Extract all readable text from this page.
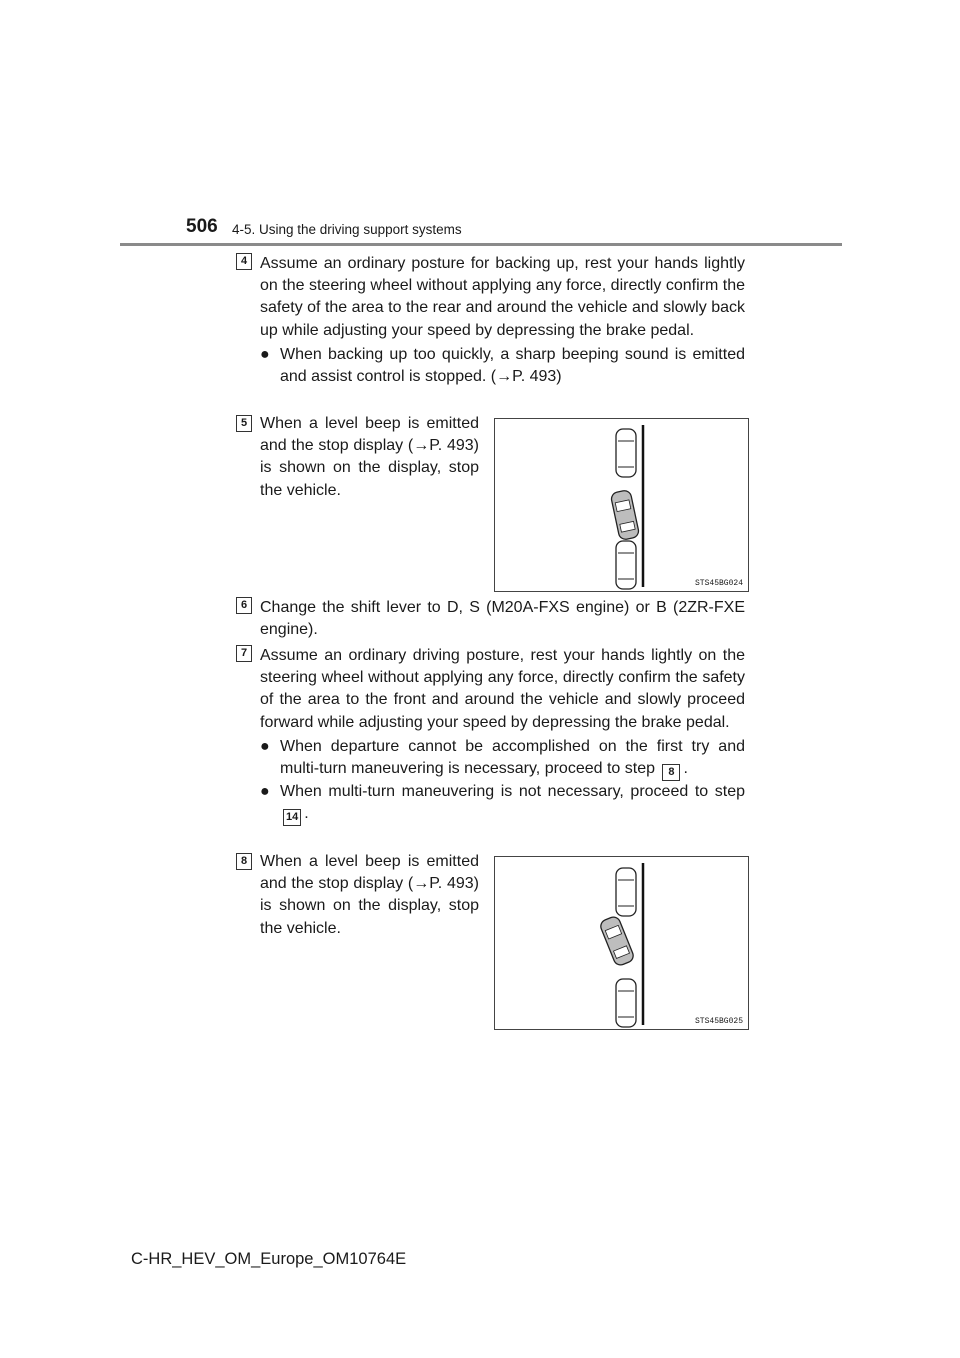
506 4-5. Using the driving support systems
4 Assume an ordinary posture for backing up, rest your hands lightly on the steering wheel without applying any force, directly confirm the safety of the area to the rear and around the vehicle and slowly back up while adjusting your speed by depressing the brake pedal.
● When backing up too quickly, a sharp beeping sound is emitted and assist control is stopped. (→P. 493)
5 When a level beep is emitted and the stop display (→P. 493) is shown on the display, stop the vehicle.
STS45BG024
6 Change the shift lever to D, S (M20A-FXS engine) or B (2ZR-FXE engine).
7 Assume an ordinary driving posture, rest your hands lightly on the steering wheel without applying any force, directly confirm the safety of the area to the front and around the vehicle and slowly proceed forward while adjusting your speed by depressing the brake pedal.
● When departure cannot be accomplished on the first try and multi-turn maneuvering is necessary, proceed to step 8 .
● When multi-turn maneuvering is not necessary, proceed to step 14 .
8 When a level beep is emitted and the stop display (→P. 493) is shown on the display, stop the vehicle.
STS45BG025
C-HR_HEV_OM_Europe_OM10764E
